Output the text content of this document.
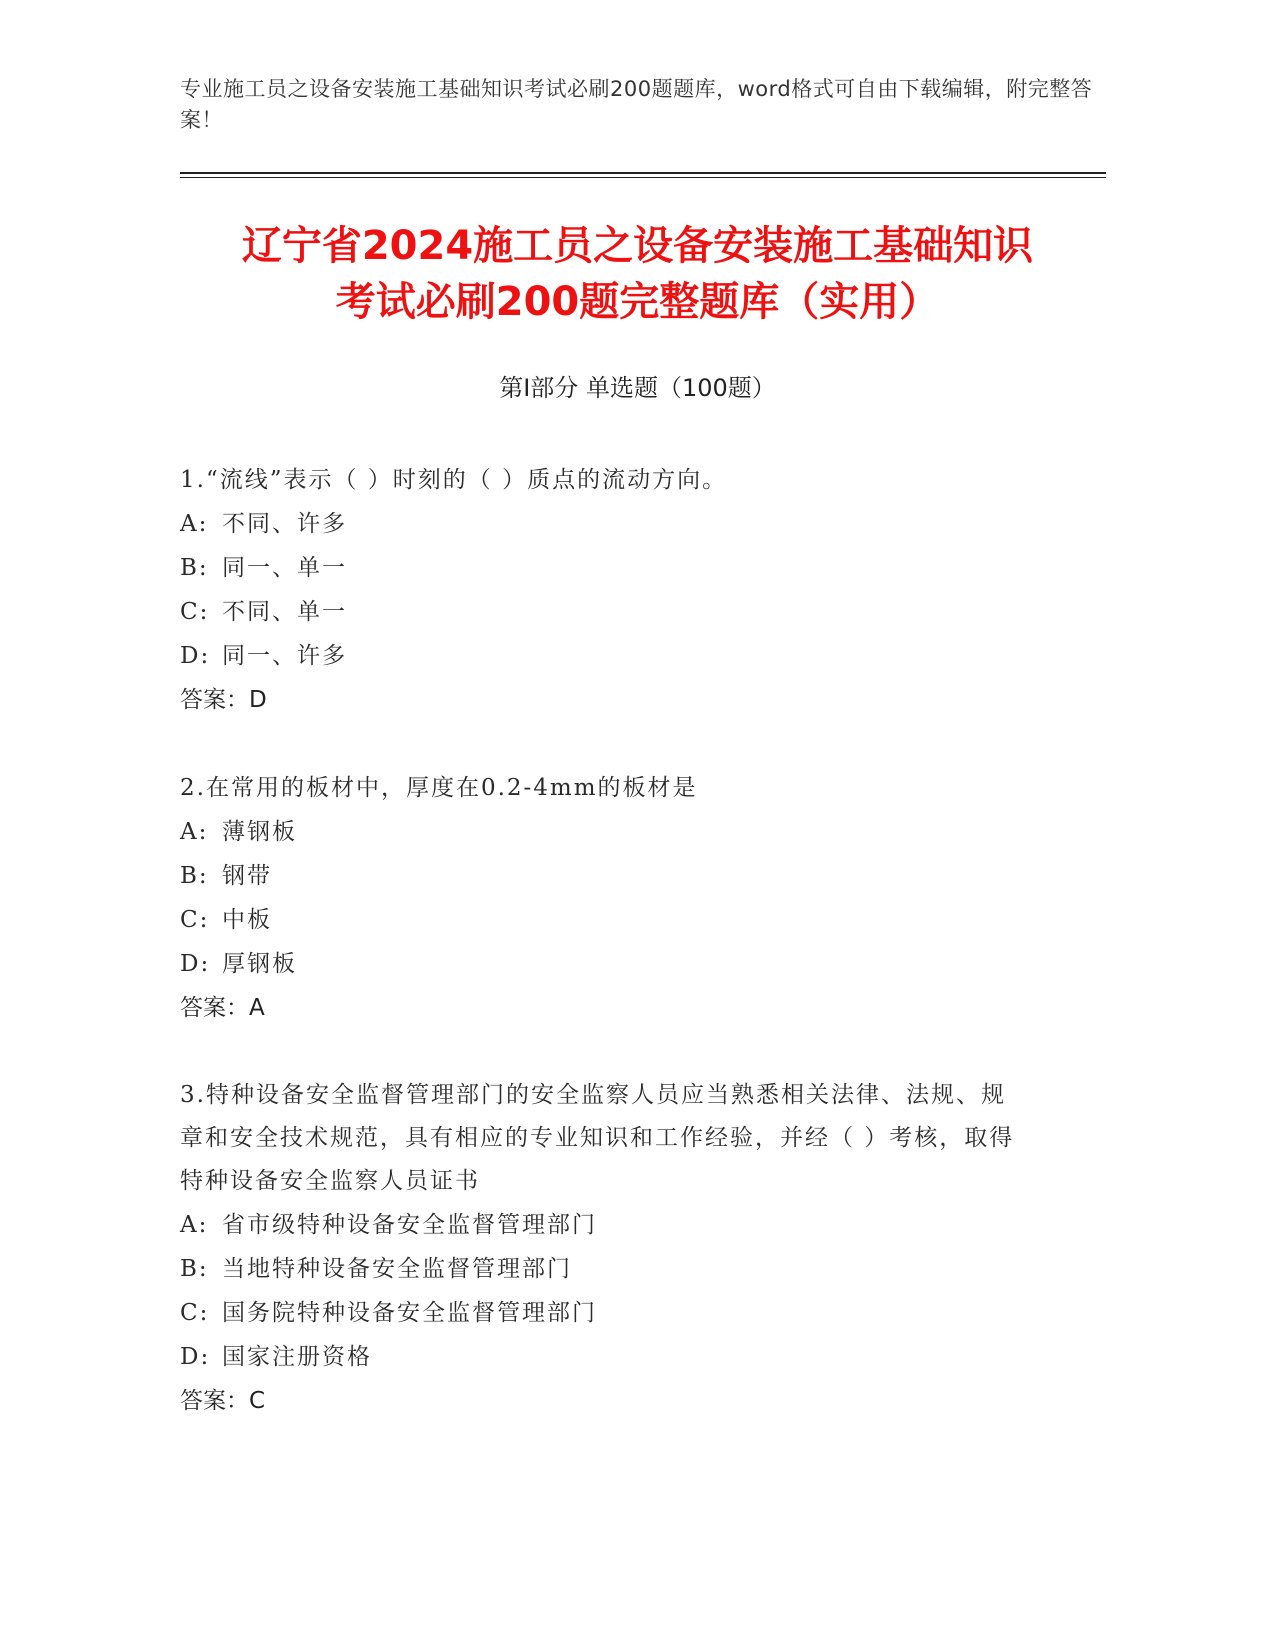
专业施工员之设备安装施工基础知识考试必刷200题题库，word格式可自由下载编辑，附完整答案！
辽宁省2024施工员之设备安装施工基础知识
考试必刷200题完整题库（实用）
第I部分 单选题（100题）

1.“流线”表示（ ）时刻的（ ）质点的流动方向。

A: 不同、许多

B: 同一、单一

C: 不同、单一

D: 同一、许多

答案：D

2.在常用的板材中，厚度在0.2-4mm的板材是

A: 薄钢板

B: 钢带

C: 中板

D: 厚钢板

答案：A

3.特种设备安全监督管理部门的安全监察人员应当熟悉相关法律、法规、规章和安全技术规范，具有相应的专业知识和工作经验，并经（ ）考核，取得特种设备安全监察人员证书

A: 省市级特种设备安全监督管理部门

B: 当地特种设备安全监督管理部门

C: 国务院特种设备安全监督管理部门

D: 国家注册资格

答案：C
